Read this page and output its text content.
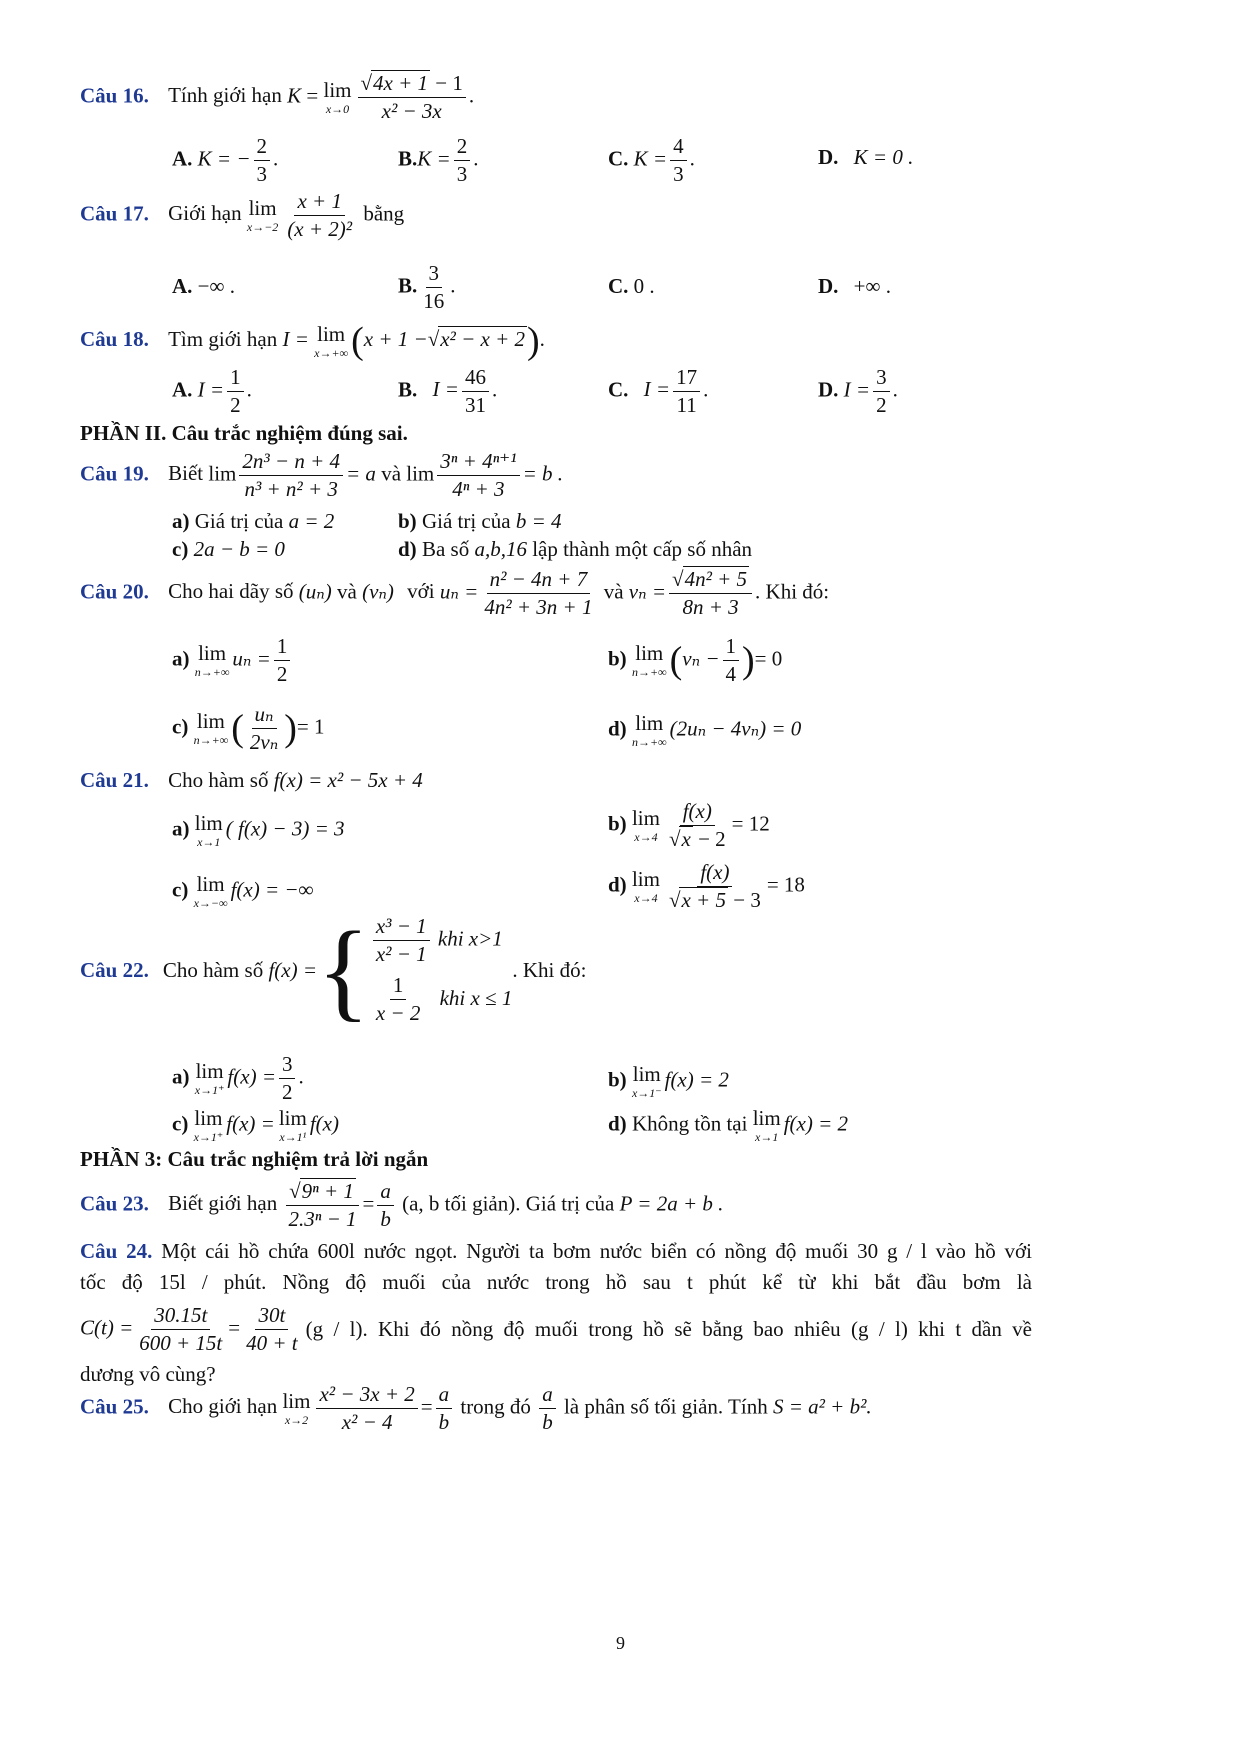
Câu 16. Tính giới hạn K = lim
$x\to 0 \frac{√4x + 1 - 1}{\text{x² − 3x}}$ .
A. K = − $\frac{2}{3}$ .	$B.K = \frac{2}{3}$ .	C. $K = \frac{4}{3}$ .	D. K = 0 .
Câu 17. Giới hạn lim
$x\to-2 \frac{x + 1}{\text{(x + 2)²}}$ bằng
A. −∞ .	B. $\frac{3}{16}$ .	C. 0 .	D. +∞ .
Câu 18. Tìm giới hạn I = lim
x→+∞ (x + 1 −√x² − x + 2).
A. $I = \frac{1}{2}$ .	B. $I = \frac{46}{31}$ .	C. $I = \frac{17}{11}$ .	D. $I = \frac{3}{2}$ .
PHẦN II. Câu trắc nghiệm đúng sai.
Câu 19. Biết $\lim \frac{\text{2n³ − n + 4}}{\text{n³ + n² + 3}} = a$ và $\lim \frac{\text{3ⁿ + 4ⁿ⁺¹}}{\text{4ⁿ + 3}} = b$ .
a) Giá trị của a = 2	b) Giá trị của b = 4
c) 2a − b = 0	d) Ba số a,b,16 lập thành một cấp số nhân
Câu 20. Cho hai dãy số (uₙ) và (vₙ) với $u_n = \frac{\text{n² − 4n + 7}}{\text{4n² + 3n + 1}}$ và $v_n = \frac{\text{√4n² + 5}}{8n + 3}$ . Khi đó:
a) lim
n→+∞
$u_n = \frac{1}{2}$	b) lim
n→+∞ ($v_n - \frac{1}{4}$ )= 0
c) lim
n→+∞ ( $\frac{\text{uₙ}}{\text{2vₙ}}$ )= 1	d) lim
n→+∞
(2uₙ − 4vₙ) = 0
Câu 21. Cho hàm số f(x) = x² − 5x + 4
a) lim
x→1
( f(x) − 3) = 3	b) lim
$x\to 4 \frac{f(x)}{√x - 2} = 12$
c) lim
x→−∞
f(x) = −∞	d) lim
$x\to 4 \frac{f(x)}{√x + 5 - 3} = 18$
Câu 22. Cho hàm số
f(x) = { $\frac{\text{x³ − 1}}{\text{x² − 1}}$ khi x>1
$\frac{1}{x - 2}$ khi x ≤ 1
. Khi đó:
a) lim
x→1⁺
$f(x) = \frac{3}{2}$ .	b) lim
x→1⁻
f(x) = 2
c) lim
x→1⁺
f(x) = lim
x→1¹
f(x)	d) Không tồn tại lim
x→1
f(x) = 2
PHẦN 3: Câu trắc nghiệm trả lời ngắn
Câu 23. Biết giới hạn $\frac{\text{√9ⁿ + 1}}{\text{2.3ⁿ − 1}} = \frac{a}{b} (a$, b tối giản). Giá trị của P = 2a + b .
Câu 24. Một cái hồ chứa 600l nước ngọt. Người ta bơm nước biển có nồng độ muối 30 g / l vào hồ với
tốc độ 15l / phút. Nồng độ muối của nước trong hồ sau t phút kể từ khi bắt đầu bơm là
$C(t) = \frac{30.15t}{600 + 15t} = \frac{30t}{40 + t} (g / l)$. Khi đó nồng độ muối trong hồ sẽ bằng bao nhiêu (g / l) khi t dần về
dương vô cùng?
Câu 25. Cho giới hạn lim
$x\to 2 \frac{\text{x² − 3x + 2}}{\text{x² − 4}} = \frac{a}{b}$ trong đó $\frac{a}{b}$ là phân số tối giản. Tính S = a² + b².
9
